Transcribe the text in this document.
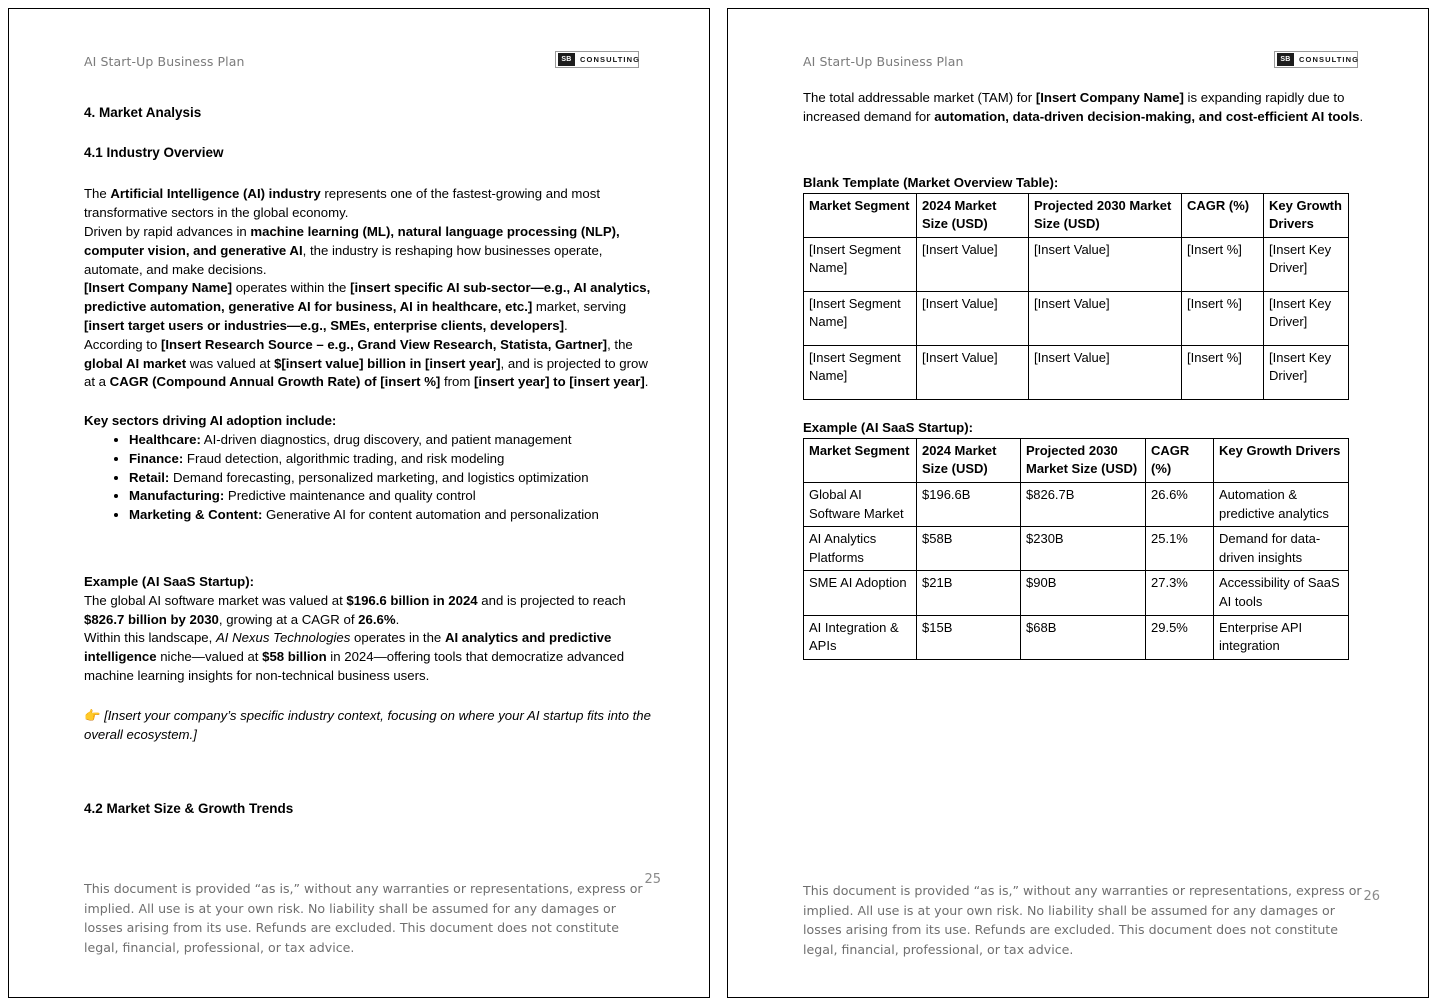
AI Start-Up Business Plan	SB	CONSULTING
4. Market Analysis
4.1 Industry Overview

The Artificial Intelligence (AI) industry represents one of the fastest-growing and most transformative sectors in the global economy.
Driven by rapid advances in machine learning (ML), natural language processing (NLP), computer vision, and generative AI, the industry is reshaping how businesses operate, automate, and make decisions.
[Insert Company Name] operates within the [insert specific AI sub-sector—e.g., AI analytics, predictive automation, generative AI for business, AI in healthcare, etc.] market, serving [insert target users or industries—e.g., SMEs, enterprise clients, developers].
According to [Insert Research Source – e.g., Grand View Research, Statista, Gartner], the global AI market was valued at $[insert value] billion in [insert year], and is projected to grow at a CAGR (Compound Annual Growth Rate) of [insert %] from [insert year] to [insert year].

Key sectors driving AI adoption include:

• Healthcare: AI-driven diagnostics, drug discovery, and patient management
• Finance: Fraud detection, algorithmic trading, and risk modeling
• Retail: Demand forecasting, personalized marketing, and logistics optimization
• Manufacturing: Predictive maintenance and quality control
• Marketing & Content: Generative AI for content automation and personalization

Example (AI SaaS Startup):

The global AI software market was valued at $196.6 billion in 2024 and is projected to reach $826.7 billion by 2030, growing at a CAGR of 26.6%.
Within this landscape, AI Nexus Technologies operates in the AI analytics and predictive intelligence niche—valued at $58 billion in 2024—offering tools that democratize advanced machine learning insights for non-technical business users.

👉 [Insert your company’s specific industry context, focusing on where your AI startup fits into the overall ecosystem.]

4.2 Market Size & Growth Trends
25
This document is provided “as is,” without any warranties or representations, express or implied. All use is at your own risk. No liability shall be assumed for any damages or losses arising from its use. Refunds are excluded. This document does not constitute legal, financial, professional, or tax advice.
AI Start-Up Business Plan	SB	CONSULTING

The total addressable market (TAM) for [Insert Company Name] is expanding rapidly due to increased demand for automation, data-driven decision-making, and cost-efficient AI tools.

Blank Template (Market Overview Table):
Market Segment	2024 Market Size (USD)	Projected 2030 Market Size (USD)	CAGR (%)	Key Growth Drivers
[Insert Segment Name]	[Insert Value]	[Insert Value]	[Insert %]	[Insert Key Driver]
[Insert Segment Name]	[Insert Value]	[Insert Value]	[Insert %]	[Insert Key Driver]
[Insert Segment Name]	[Insert Value]	[Insert Value]	[Insert %]	[Insert Key Driver]
Example (AI SaaS Startup):
Market Segment	2024 Market Size (USD)	Projected 2030 Market Size (USD)	CAGR (%)	Key Growth Drivers
Global AI Software Market	$196.6B	$826.7B	26.6%	Automation & predictive analytics
AI Analytics Platforms	$58B	$230B	25.1%	Demand for data-driven insights
SME AI Adoption	$21B	$90B	27.3%	Accessibility of SaaS AI tools
AI Integration & APIs	$15B	$68B	29.5%	Enterprise API integration
26
This document is provided “as is,” without any warranties or representations, express or implied. All use is at your own risk. No liability shall be assumed for any damages or losses arising from its use. Refunds are excluded. This document does not constitute legal, financial, professional, or tax advice.
